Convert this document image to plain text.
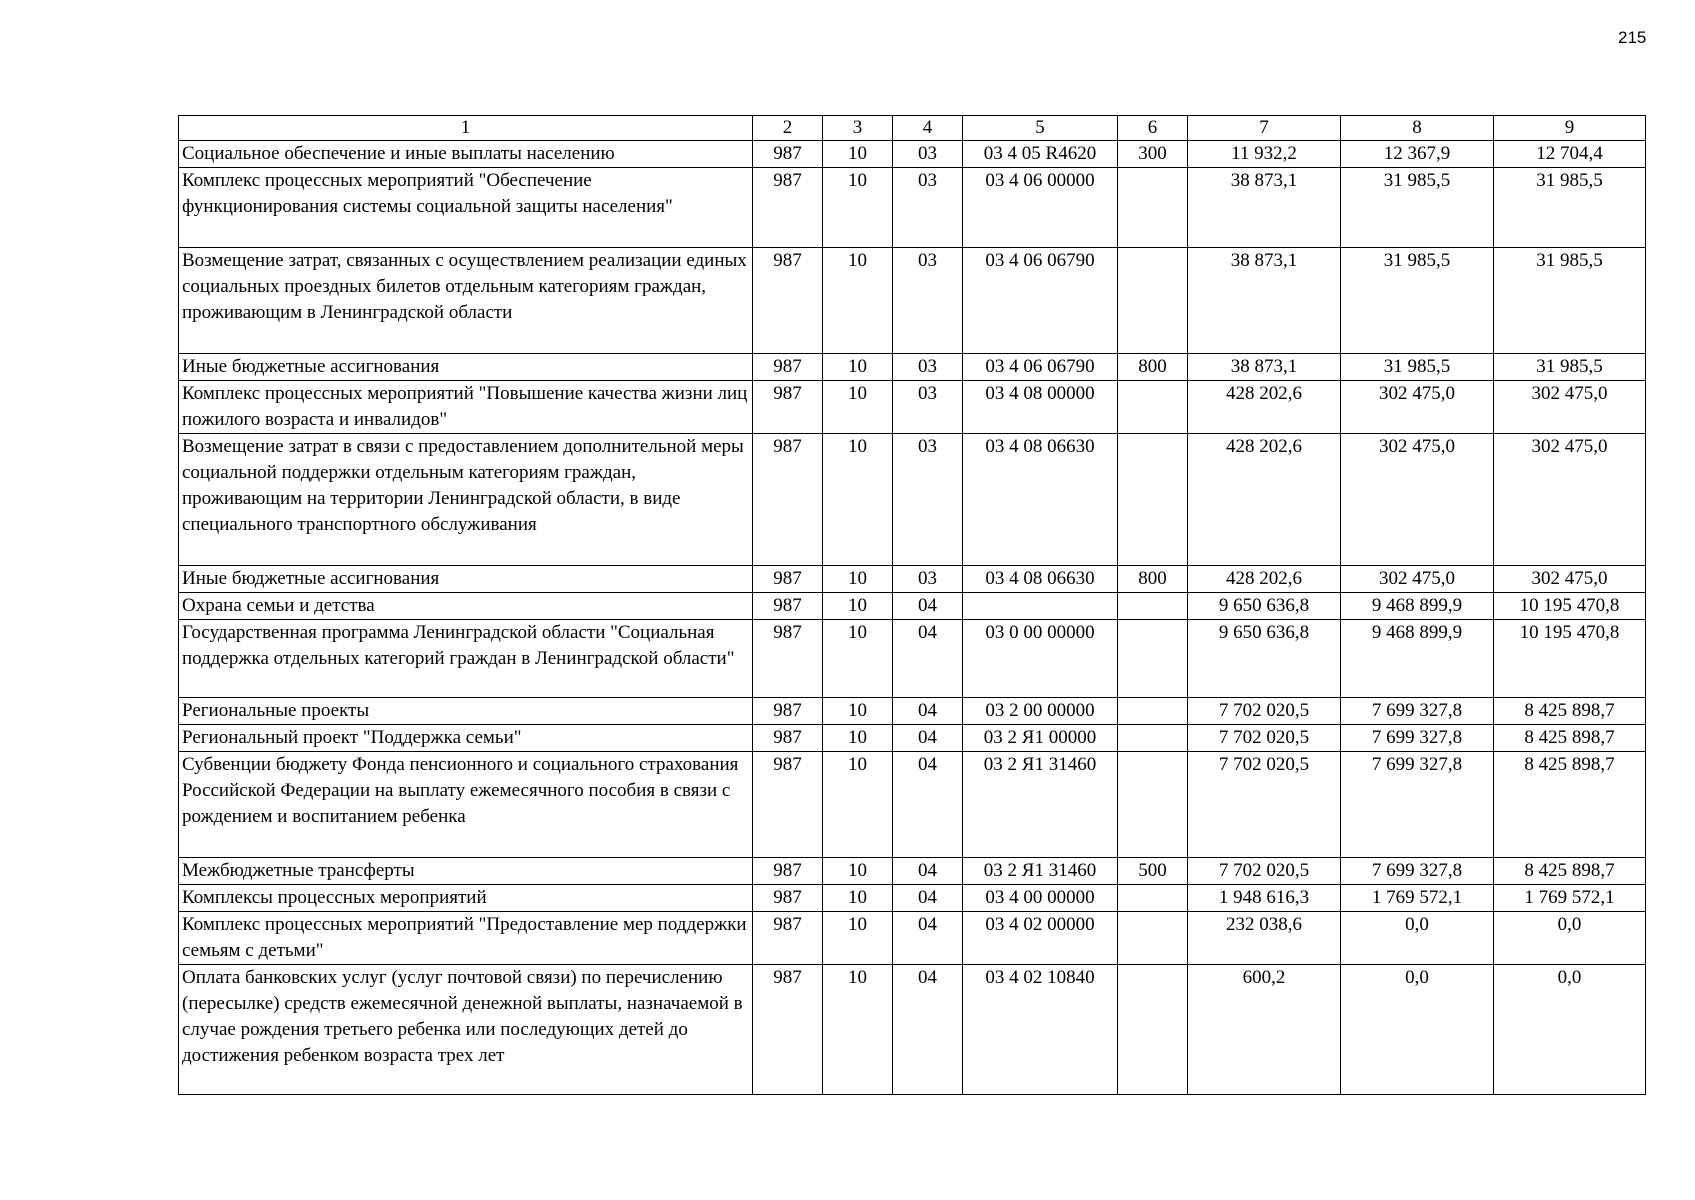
215
1	2	3	4	5	6	7	8	9
Социальное обеспечение и иные выплаты населению	987	10	03	03 4 05 R4620	300	11 932,2	12 367,9	12 704,4
Комплекс процессных мероприятий "Обеспечение функционирования системы социальной защиты населения"	987	10	03	03 4 06 00000		38 873,1	31 985,5	31 985,5
Возмещение затрат, связанных с осуществлением реализации единых социальных проездных билетов отдельным категориям граждан, проживающим в Ленинградской области	987	10	03	03 4 06 06790		38 873,1	31 985,5	31 985,5
Иные бюджетные ассигнования	987	10	03	03 4 06 06790	800	38 873,1	31 985,5	31 985,5
Комплекс процессных мероприятий "Повышение качества жизни лиц пожилого возраста и инвалидов"	987	10	03	03 4 08 00000		428 202,6	302 475,0	302 475,0
Возмещение затрат в связи с предоставлением дополнительной меры социальной поддержки отдельным категориям граждан, проживающим на территории Ленинградской области, в виде специального транспортного обслуживания	987	10	03	03 4 08 06630		428 202,6	302 475,0	302 475,0
Иные бюджетные ассигнования	987	10	03	03 4 08 06630	800	428 202,6	302 475,0	302 475,0
Охрана семьи и детства	987	10	04			9 650 636,8	9 468 899,9	10 195 470,8
Государственная программа Ленинградской области "Социальная поддержка отдельных категорий граждан в Ленинградской области"	987	10	04	03 0 00 00000		9 650 636,8	9 468 899,9	10 195 470,8
Региональные проекты	987	10	04	03 2 00 00000		7 702 020,5	7 699 327,8	8 425 898,7
Региональный проект "Поддержка семьи"	987	10	04	03 2 Я1 00000		7 702 020,5	7 699 327,8	8 425 898,7
Субвенции бюджету Фонда пенсионного и социального страхования Российской Федерации на выплату ежемесячного пособия в связи с рождением и воспитанием ребенка	987	10	04	03 2 Я1 31460		7 702 020,5	7 699 327,8	8 425 898,7
Межбюджетные трансферты	987	10	04	03 2 Я1 31460	500	7 702 020,5	7 699 327,8	8 425 898,7
Комплексы процессных мероприятий	987	10	04	03 4 00 00000		1 948 616,3	1 769 572,1	1 769 572,1
Комплекс процессных мероприятий "Предоставление мер поддержки семьям с детьми"	987	10	04	03 4 02 00000		232 038,6	0,0	0,0
Оплата банковских услуг (услуг почтовой связи) по перечислению (пересылке) средств ежемесячной денежной выплаты, назначаемой в случае рождения третьего ребенка или последующих детей до достижения ребенком возраста трех лет	987	10	04	03 4 02 10840		600,2	0,0	0,0
